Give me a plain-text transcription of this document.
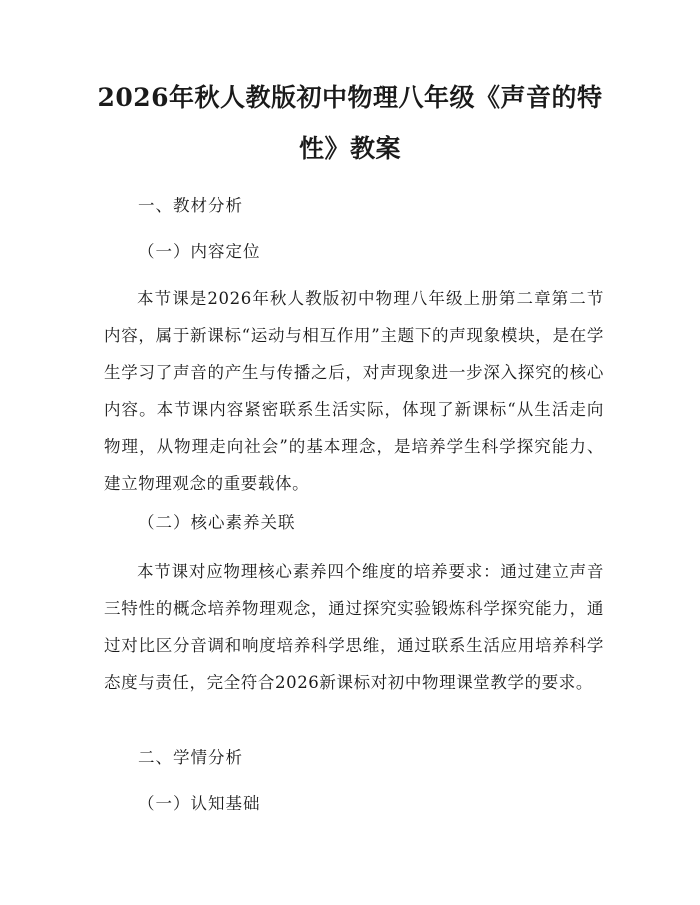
2026年秋人教版初中物理八年级《声音的特性》教案

一、教材分析

（一）内容定位

本节课是2026年秋人教版初中物理八年级上册第二章第二节内容，属于新课标“运动与相互作用”主题下的声现象模块，是在学生学习了声音的产生与传播之后，对声现象进一步深入探究的核心内容。本节课内容紧密联系生活实际，体现了新课标“从生活走向物理，从物理走向社会”的基本理念，是培养学生科学探究能力、建立物理观念的重要载体。

（二）核心素养关联

本节课对应物理核心素养四个维度的培养要求：通过建立声音三特性的概念培养物理观念，通过探究实验锻炼科学探究能力，通过对比区分音调和响度培养科学思维，通过联系生活应用培养科学态度与责任，完全符合2026新课标对初中物理课堂教学的要求。

二、学情分析

（一）认知基础
